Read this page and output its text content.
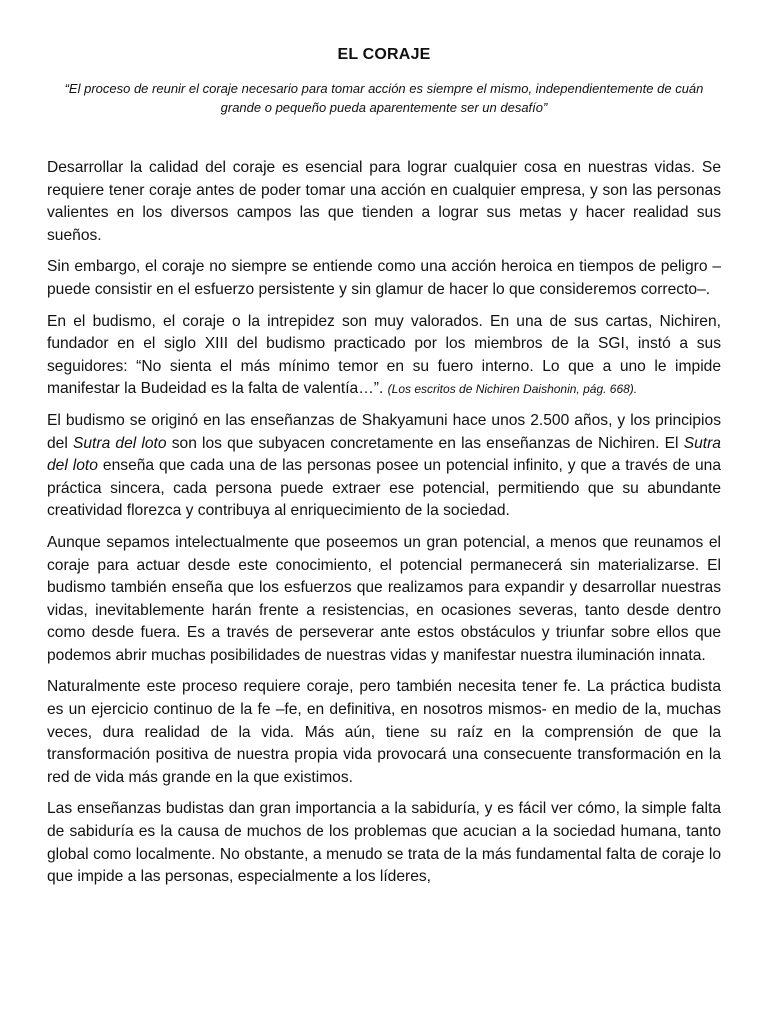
EL CORAJE

“El proceso de reunir el coraje necesario para tomar acción es siempre el mismo, independientemente de cuán grande o pequeño pueda aparentemente ser un desafío”

Desarrollar la calidad del coraje es esencial para lograr cualquier cosa en nuestras vidas. Se requiere tener coraje antes de poder tomar una acción en cualquier empresa, y son las personas valientes en los diversos campos las que tienden a lograr sus metas y hacer realidad sus sueños.

Sin embargo, el coraje no siempre se entiende como una acción heroica en tiempos de peligro –puede consistir en el esfuerzo persistente y sin glamur de hacer lo que consideremos correcto–.

En el budismo, el coraje o la intrepidez son muy valorados. En una de sus cartas, Nichiren, fundador en el siglo XIII del budismo practicado por los miembros de la SGI, instó a sus seguidores: “No sienta el más mínimo temor en su fuero interno. Lo que a uno le impide manifestar la Budeidad es la falta de valentía…”. (Los escritos de Nichiren Daishonin, pág. 668).

El budismo se originó en las enseñanzas de Shakyamuni hace unos 2.500 años, y los principios del Sutra del loto son los que subyacen concretamente en las enseñanzas de Nichiren. El Sutra del loto enseña que cada una de las personas posee un potencial infinito, y que a través de una práctica sincera, cada persona puede extraer ese potencial, permitiendo que su abundante creatividad florezca y contribuya al enriquecimiento de la sociedad.

Aunque sepamos intelectualmente que poseemos un gran potencial, a menos que reunamos el coraje para actuar desde este conocimiento, el potencial permanecerá sin materializarse. El budismo también enseña que los esfuerzos que realizamos para expandir y desarrollar nuestras vidas, inevitablemente harán frente a resistencias, en ocasiones severas, tanto desde dentro como desde fuera. Es a través de perseverar ante estos obstáculos y triunfar sobre ellos que podemos abrir muchas posibilidades de nuestras vidas y manifestar nuestra iluminación innata.

Naturalmente este proceso requiere coraje, pero también necesita tener fe. La práctica budista es un ejercicio continuo de la fe –fe, en definitiva, en nosotros mismos- en medio de la, muchas veces, dura realidad de la vida. Más aún, tiene su raíz en la comprensión de que la transformación positiva de nuestra propia vida provocará una consecuente transformación en la red de vida más grande en la que existimos.

Las enseñanzas budistas dan gran importancia a la sabiduría, y es fácil ver cómo, la simple falta de sabiduría es la causa de muchos de los problemas que acucian a la sociedad humana, tanto global como localmente. No obstante, a menudo se trata de la más fundamental falta de coraje lo que impide a las personas, especialmente a los líderes,
